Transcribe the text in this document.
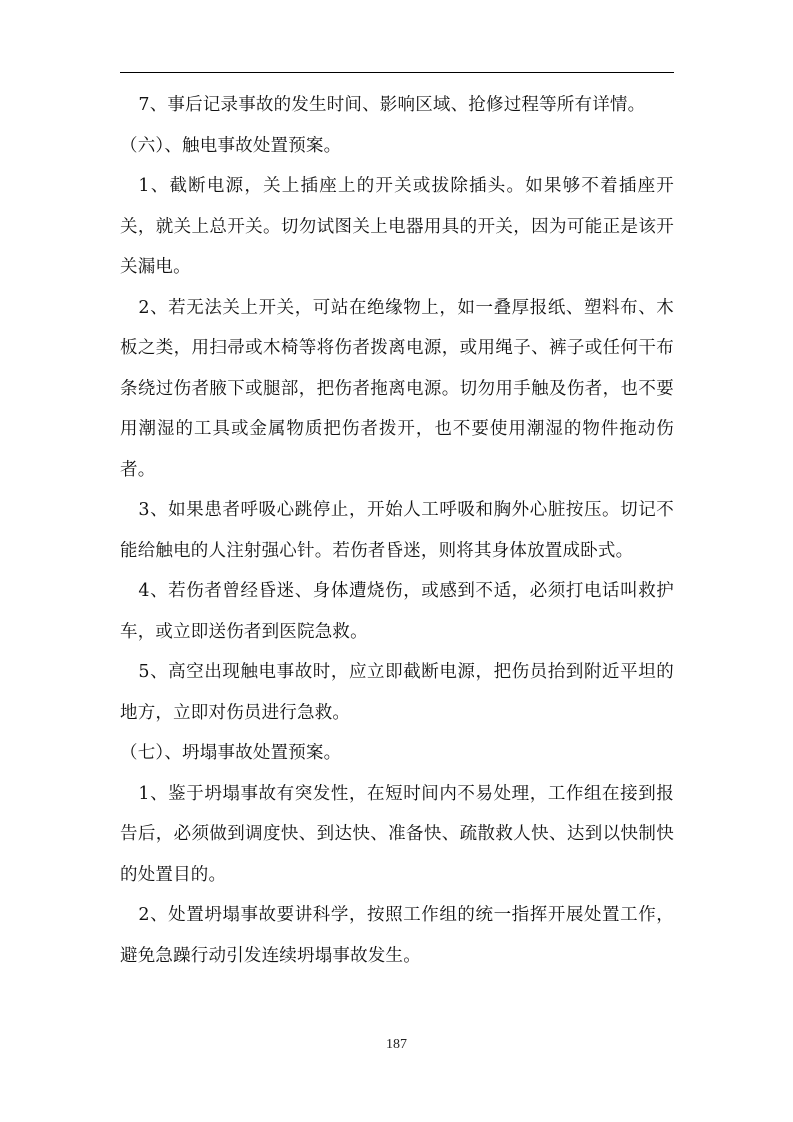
7、事后记录事故的发生时间、影响区域、抢修过程等所有详情。

（六）、触电事故处置预案。

1、截断电源，关上插座上的开关或拔除插头。如果够不着插座开关，就关上总开关。切勿试图关上电器用具的开关，因为可能正是该开关漏电。

2、若无法关上开关，可站在绝缘物上，如一叠厚报纸、塑料布、木板之类，用扫帚或木椅等将伤者拨离电源，或用绳子、裤子或任何干布条绕过伤者腋下或腿部，把伤者拖离电源。切勿用手触及伤者，也不要用潮湿的工具或金属物质把伤者拨开，也不要使用潮湿的物件拖动伤者。

3、如果患者呼吸心跳停止，开始人工呼吸和胸外心脏按压。切记不能给触电的人注射强心针。若伤者昏迷，则将其身体放置成卧式。

4、若伤者曾经昏迷、身体遭烧伤，或感到不适，必须打电话叫救护车，或立即送伤者到医院急救。

5、高空出现触电事故时，应立即截断电源，把伤员抬到附近平坦的地方，立即对伤员进行急救。

（七）、坍塌事故处置预案。

1、鉴于坍塌事故有突发性，在短时间内不易处理，工作组在接到报告后，必须做到调度快、到达快、准备快、疏散救人快、达到以快制快的处置目的。

2、处置坍塌事故要讲科学，按照工作组的统一指挥开展处置工作，避免急躁行动引发连续坍塌事故发生。

187
